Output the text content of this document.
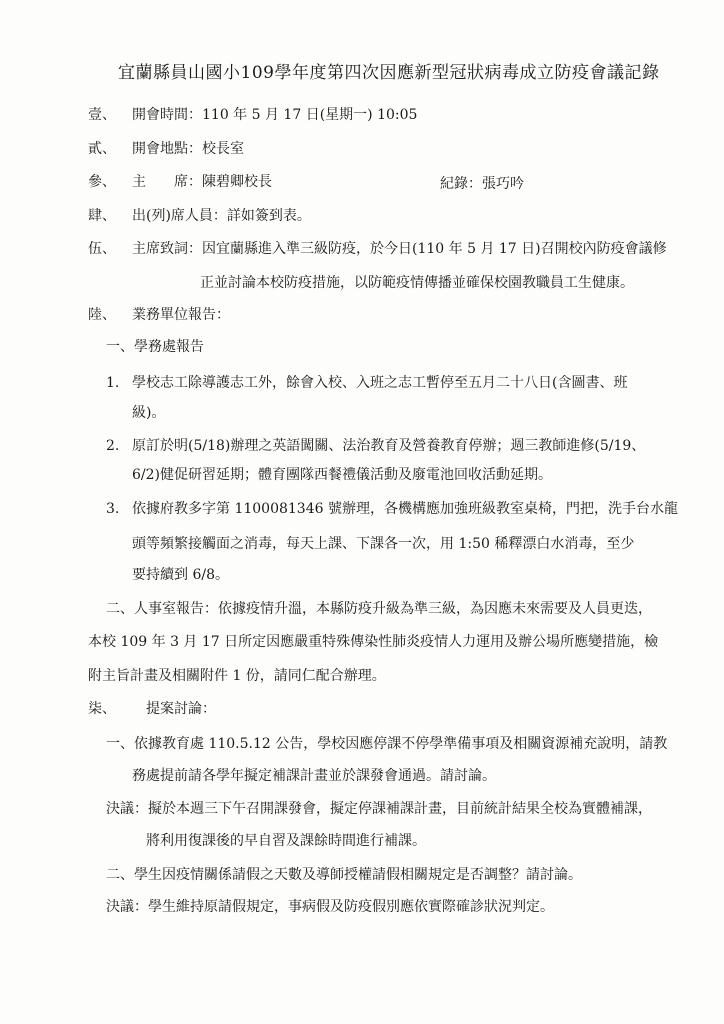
宜蘭縣員山國小109學年度第四次因應新型冠狀病毒成立防疫會議記錄
壹、 開會時間：110 年 5 月 17 日(星期一) 10:05
貳、 開會地點：校長室
參、 主　　席：陳碧卿校長	紀錄：張巧吟
肆、 出(列)席人員：詳如簽到表。
伍、 主席致詞：因宜蘭縣進入準三級防疫，於今日(110 年 5 月 17 日)召開校內防疫會議修
正並討論本校防疫措施，以防範疫情傳播並確保校園教職員工生健康。
陸、 業務單位報告：
一、學務處報告
1. 學校志工除導護志工外，餘會入校、入班之志工暫停至五月二十八日(含圖書、班
級)。
2. 原訂於明(5/18)辦理之英語闖關、法治教育及營養教育停辦；週三教師進修(5/19、
6/2)健促研習延期；體育團隊西餐禮儀活動及廢電池回收活動延期。
3. 依據府教多字第 1100081346 號辦理，各機構應加強班級教室桌椅，門把，洗手台水龍
頭等頻繁接觸面之消毒，每天上課、下課各一次，用 1:50 稀釋漂白水消毒，至少
要持續到 6/8。
二、人事室報告：依據疫情升溫，本縣防疫升級為準三級，為因應未來需要及人員更迭，
本校 109 年 3 月 17 日所定因應嚴重特殊傳染性肺炎疫情人力運用及辦公場所應變措施，檢
附主旨計畫及相關附件 1 份，請同仁配合辦理。
柒、 提案討論：
一、依據教育處 110.5.12 公告，學校因應停課不停學準備事項及相關資源補充說明，請教
務處提前請各學年擬定補課計畫並於課發會通過。請討論。
決議：擬於本週三下午召開課發會，擬定停課補課計畫，目前統計結果全校為實體補課，
將利用復課後的早自習及課餘時間進行補課。
二、學生因疫情關係請假之天數及導師授權請假相關規定是否調整？請討論。
決議：學生維持原請假規定，事病假及防疫假別應依實際確診狀況判定。
